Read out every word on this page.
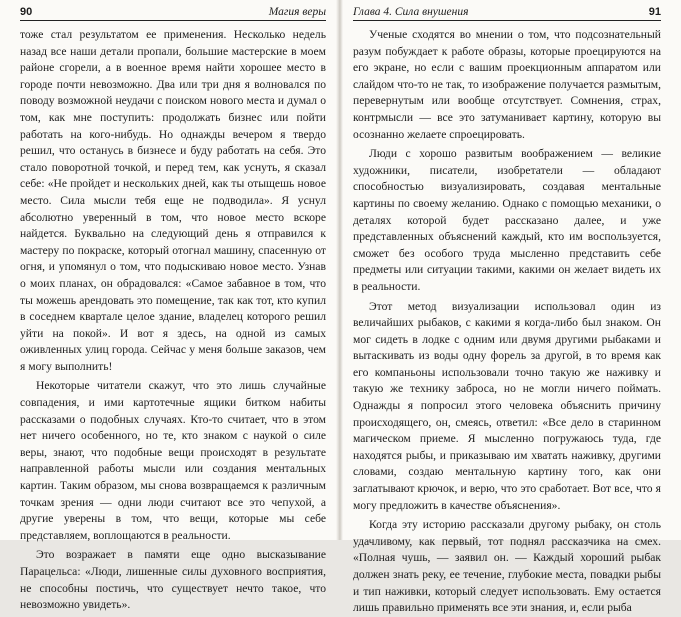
90	Магия веры

тоже стал результатом ее применения. Несколько недель назад все наши детали пропали, большие мастерские в моем районе сгорели, а в военное время найти хорошее место в городе почти невозможно. Два или три дня я волновался по поводу возможной неудачи с поиском нового места и думал о том, как мне поступить: продолжать бизнес или пойти работать на кого-нибудь. Но однажды вечером я твердо решил, что останусь в бизнесе и буду работать на себя. Это стало поворотной точкой, и перед тем, как уснуть, я сказал себе: «Не пройдет и нескольких дней, как ты отыщешь новое место. Сила мысли тебя еще не подводила». Я уснул абсолютно уверенный в том, что новое место вскоре найдется. Буквально на следующий день я отправился к мастеру по покраске, который отогнал машину, спасенную от огня, и упомянул о том, что подыскиваю новое место. Узнав о моих планах, он обрадовался: «Самое забавное в том, что ты можешь арендовать это помещение, так как тот, кто купил в соседнем квартале целое здание, владелец которого решил уйти на покой». И вот я здесь, на одной из самых оживленных улиц города. Сейчас у меня больше заказов, чем я могу выполнить!

Некоторые читатели скажут, что это лишь случайные совпадения, и ими картотечные ящики битком набиты рассказами о подобных случаях. Кто-то считает, что в этом нет ничего особенного, но те, кто знаком с наукой о силе веры, знают, что подобные вещи происходят в результате направленной работы мысли или создания ментальных картин. Таким образом, мы снова возвращаемся к различным точкам зрения — одни люди считают все это чепухой, а другие уверены в том, что вещи, которые мы себе представляем, воплощаются в реальности.

Это возражает в памяти еще одно высказывание Парацельса: «Люди, лишенные силы духовного восприятия, не способны постичь, что существует нечто такое, что невозможно увидеть».

Глава 4. Сила внушения	91

Ученые сходятся во мнении о том, что подсознательный разум побуждает к работе образы, которые проецируются на его экране, но если с вашим проекционным аппаратом или слайдом что-то не так, то изображение получается размытым, перевернутым или вообще отсутствует. Сомнения, страх, контрмысли — все это затуманивает картину, которую вы осознанно желаете спроецировать.

Люди с хорошо развитым воображением — великие художники, писатели, изобретатели — обладают способностью визуализировать, создавая ментальные картины по своему желанию. Однако с помощью механики, о деталях которой будет рассказано далее, и уже представленных объяснений каждый, кто им воспользуется, сможет без особого труда мысленно представить себе предметы или ситуации такими, какими он желает видеть их в реальности.

Этот метод визуализации использовал один из величайших рыбаков, с какими я когда-либо был знаком. Он мог сидеть в лодке с одним или двумя другими рыбаками и вытаскивать из воды одну форель за другой, в то время как его компаньоны использовали точно такую же наживку и такую же технику заброса, но не могли ничего поймать. Однажды я попросил этого человека объяснить причину происходящего, он, смеясь, ответил: «Все дело в старинном магическом приеме. Я мысленно погружаюсь туда, где находятся рыбы, и приказываю им хватать наживку, другими словами, создаю ментальную картину того, как они заглатывают крючок, и верю, что это сработает. Вот все, что я могу предложить в качестве объяснения».

Когда эту историю рассказали другому рыбаку, он столь удачливому, как первый, тот поднял рассказчика на смех. «Полная чушь, — заявил он. — Каждый хороший рыбак должен знать реку, ее течение, глубокие места, повадки рыбы и тип наживки, который следует использовать. Ему остается лишь правильно применять все эти знания, и, если рыба
